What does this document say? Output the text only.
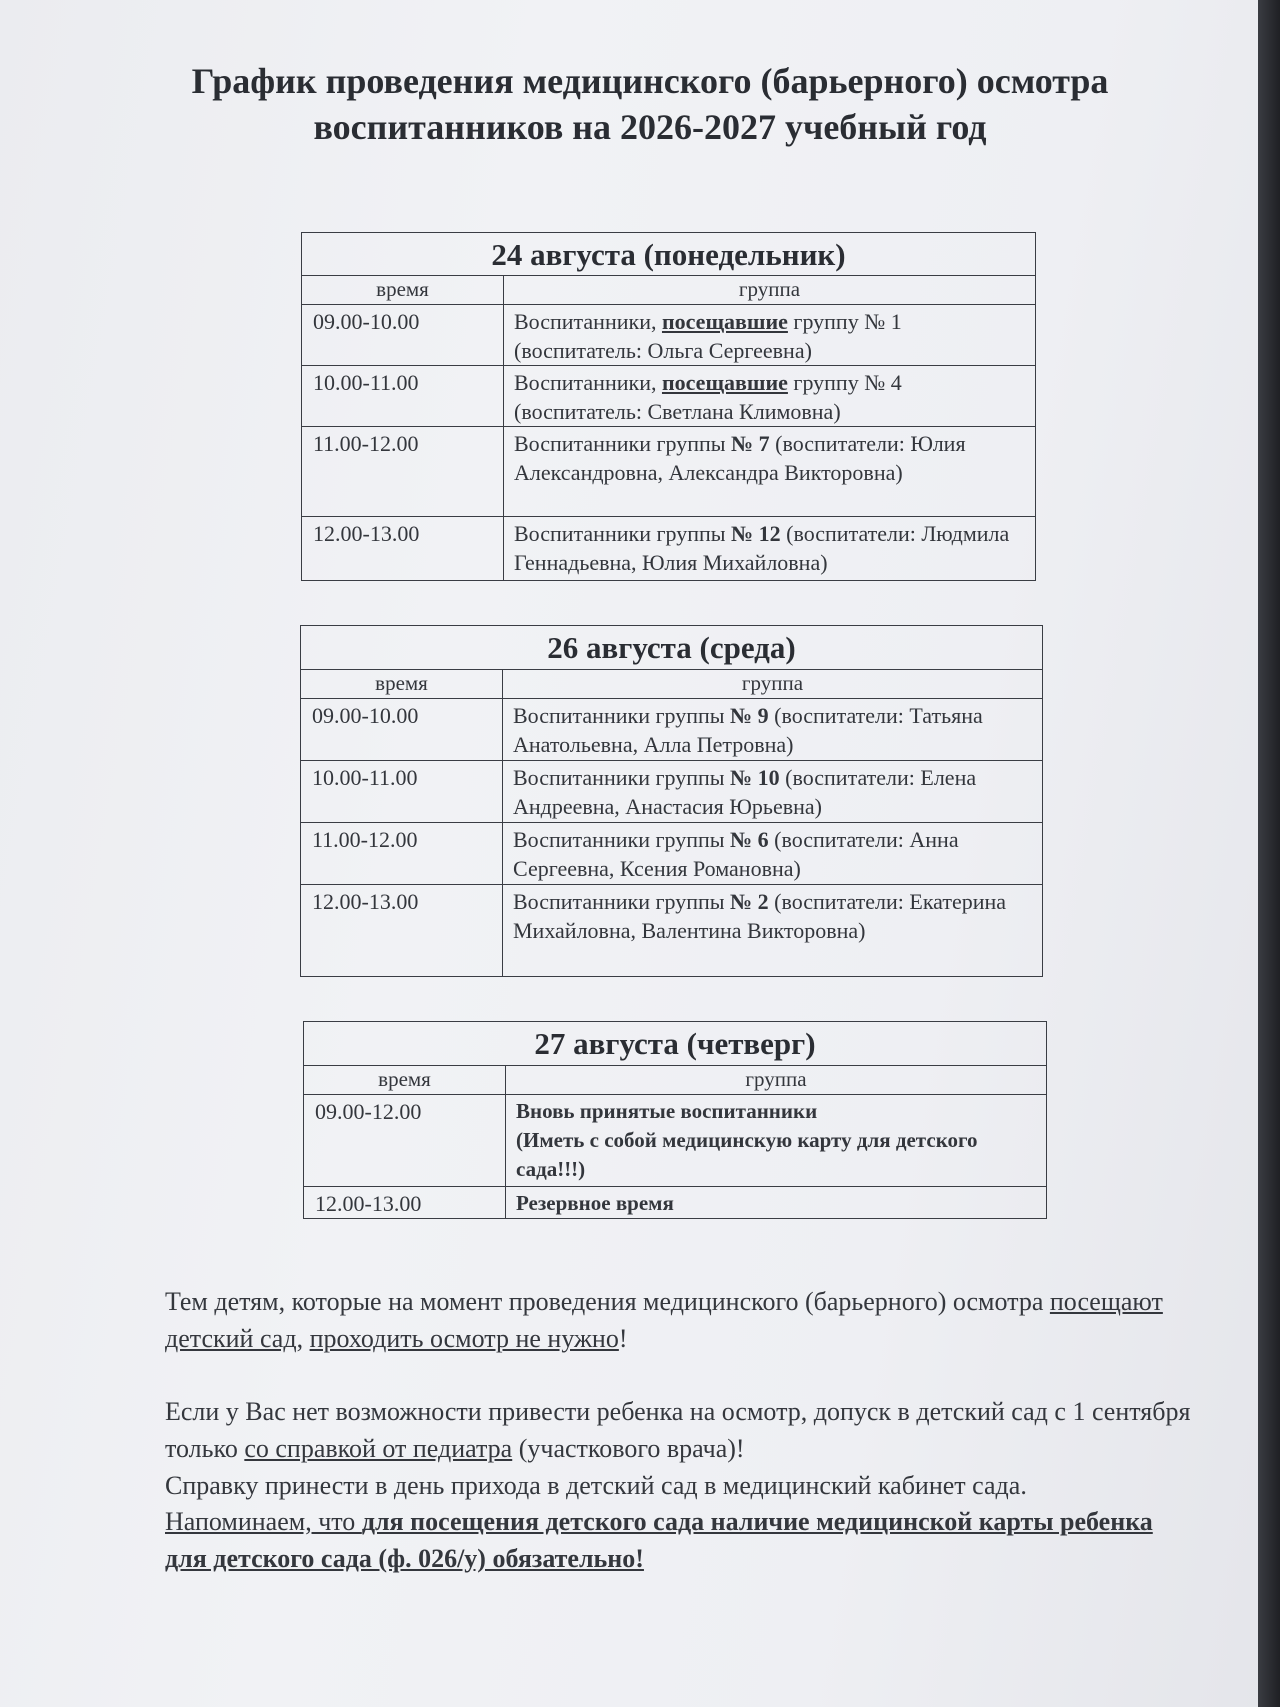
График проведения медицинского (барьерного) осмотра
воспитанников на 2026-2027 учебный год
24 августа (понедельник)	
время	группа
09.00-10.00	Воспитанники, посещавшие группу № 1
(воспитатель: Ольга Сергеевна)
10.00-11.00	Воспитанники, посещавшие группу № 4
(воспитатель: Светлана Климовна)
11.00-12.00	Воспитанники группы № 7 (воспитатели: Юлия Александровна, Александра Викторовна)
12.00-13.00	Воспитанники группы № 12 (воспитатели: Людмила Геннадьевна, Юлия Михайловна)
26 августа (среда)	
время	группа
09.00-10.00	Воспитанники группы № 9 (воспитатели: Татьяна Анатольевна, Алла Петровна)
10.00-11.00	Воспитанники группы № 10 (воспитатели: Елена Андреевна, Анастасия Юрьевна)
11.00-12.00	Воспитанники группы № 6 (воспитатели: Анна Сергеевна, Ксения Романовна)
12.00-13.00	Воспитанники группы № 2 (воспитатели: Екатерина Михайловна, Валентина Викторовна)
27 августа (четверг)	
время	группа
09.00-12.00	Вновь принятые воспитанники
(Иметь с собой медицинскую карту для детского сада!!!)
12.00-13.00	Резервное время

Тем детям, которые на момент проведения медицинского (барьерного) осмотра посещают детский сад, проходить осмотр не нужно!

Если у Вас нет возможности привести ребенка на осмотр, допуск в детский сад с 1 сентября только со справкой от педиатра (участкового врача)!
Справку принести в день прихода в детский сад в медицинский кабинет сада.

Напоминаем, что для посещения детского сада наличие медицинской карты ребенка для детского сада (ф. 026/у) обязательно!
